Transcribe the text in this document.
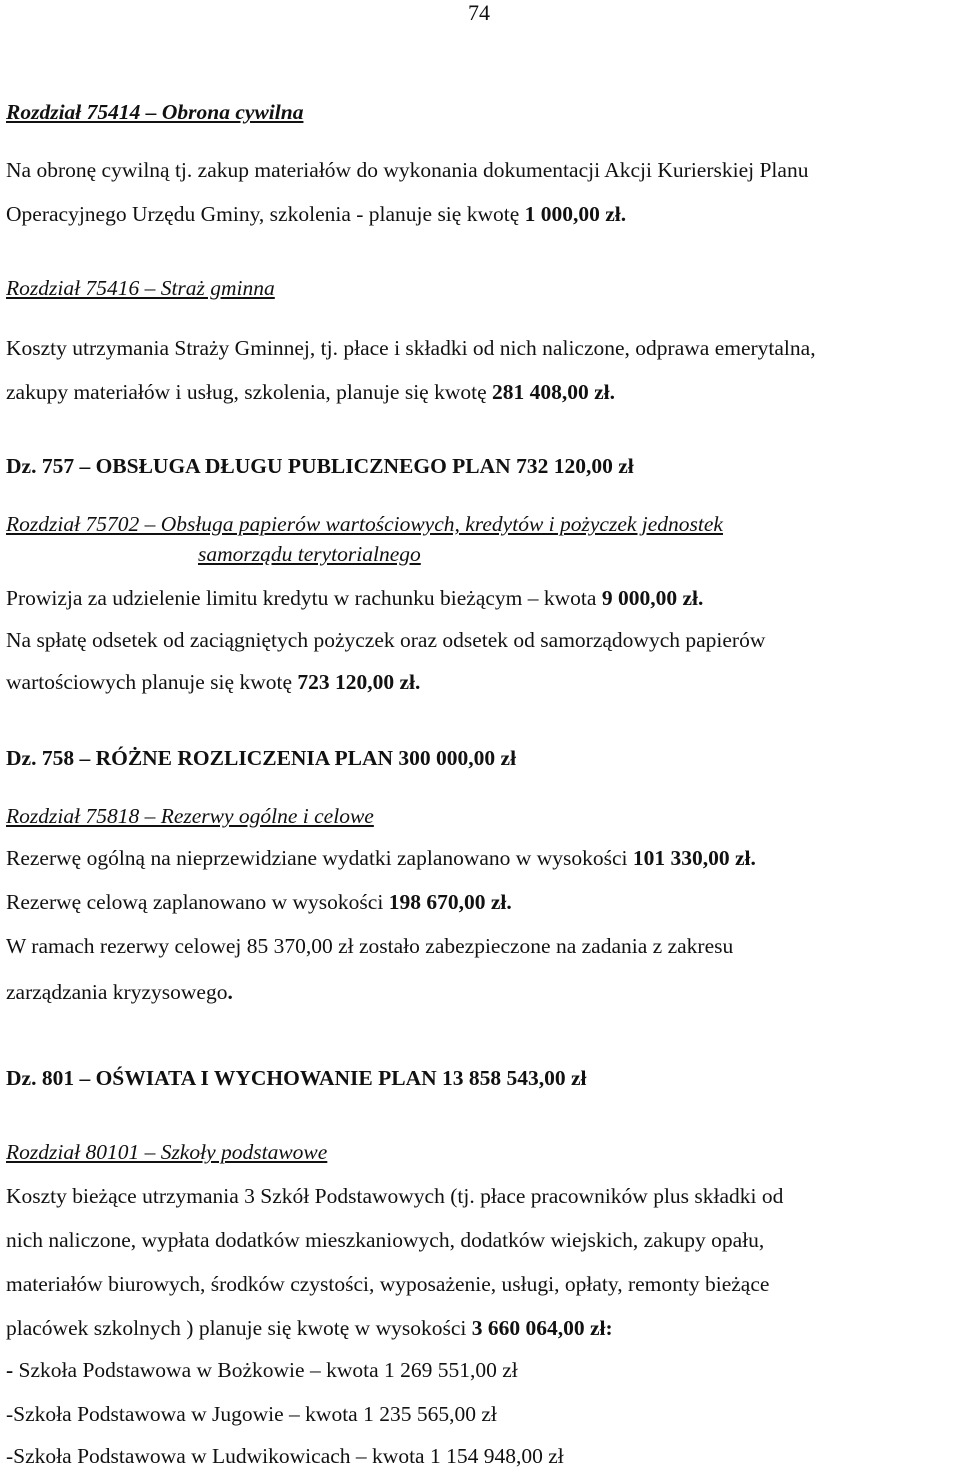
74
Rozdział 75414 – Obrona cywilna
Na obronę cywilną tj. zakup materiałów do wykonania dokumentacji Akcji Kurierskiej Planu
Operacyjnego Urzędu Gminy, szkolenia - planuje się kwotę 1 000,00 zł.
Rozdział 75416 – Straż gminna
Koszty utrzymania Straży Gminnej, tj. płace i składki od nich naliczone, odprawa emerytalna,
zakupy materiałów i usług, szkolenia, planuje się kwotę 281 408,00 zł.
Dz. 757 – OBSŁUGA DŁUGU PUBLICZNEGO PLAN 732 120,00 zł
Rozdział 75702 – Obsługa papierów wartościowych, kredytów i pożyczek jednostek
samorządu terytorialnego
Prowizja za udzielenie limitu kredytu w rachunku bieżącym – kwota 9 000,00 zł.
Na spłatę odsetek od zaciągniętych pożyczek oraz odsetek od samorządowych papierów
wartościowych planuje się kwotę 723 120,00 zł.
Dz. 758 – RÓŻNE ROZLICZENIA PLAN 300 000,00 zł
Rozdział 75818 – Rezerwy ogólne i celowe
Rezerwę ogólną na nieprzewidziane wydatki zaplanowano w wysokości 101 330,00 zł.
Rezerwę celową zaplanowano w wysokości 198 670,00 zł.
W ramach rezerwy celowej 85 370,00 zł zostało zabezpieczone na zadania z zakresu
zarządzania kryzysowego.
Dz. 801 – OŚWIATA I WYCHOWANIE PLAN 13 858 543,00 zł
Rozdział 80101 – Szkoły podstawowe
Koszty bieżące utrzymania 3 Szkół Podstawowych (tj. płace pracowników plus składki od
nich naliczone, wypłata dodatków mieszkaniowych, dodatków wiejskich, zakupy opału,
materiałów biurowych, środków czystości, wyposażenie, usługi, opłaty, remonty bieżące
placówek szkolnych ) planuje się kwotę w wysokości 3 660 064,00 zł:
- Szkoła Podstawowa w Bożkowie – kwota 1 269 551,00 zł
-Szkoła Podstawowa w Jugowie – kwota 1 235 565,00 zł
-Szkoła Podstawowa w Ludwikowicach – kwota 1 154 948,00 zł
